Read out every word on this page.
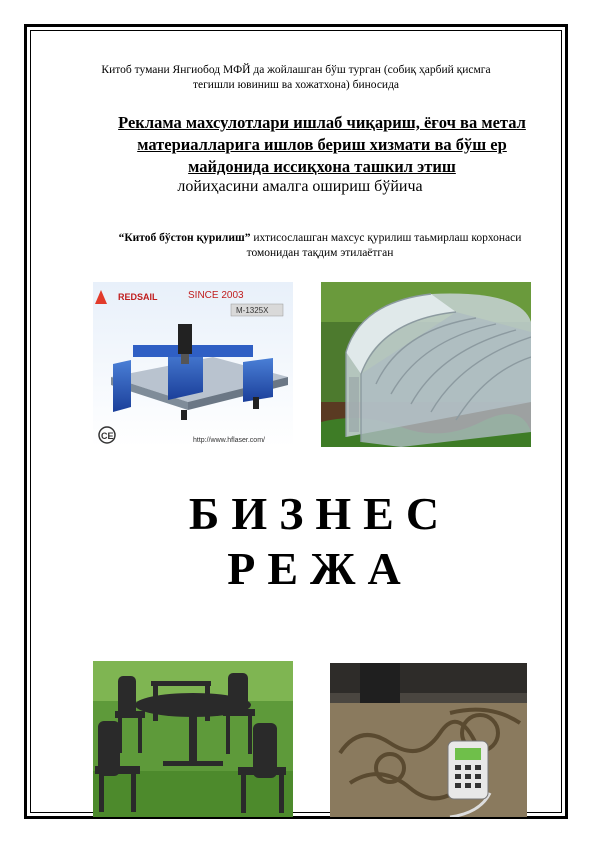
Китоб тумани Янгиобод МФЙ да жойлашган бўш турган (собиқ ҳарбий қисмга тегишли ювиниш ва хожатхона) биносида
Реклама махсулотлари ишлаб чиқариш, ёғоч ва метал материалларига ишлов бериш хизмати ва бўш ер майдонида иссиқхона ташкил этиш
лойиҳасини амалга ошириш бўйича
“Китоб бўстон қурилиш” ихтисослашган махсус қурилиш таьмирлаш корхонаси томонидан тақдим этилаётган
REDSAIL	SINCE 2003
M-1325X
CE	http://www.hflaser.com/
БИЗНЕС РЕЖА
